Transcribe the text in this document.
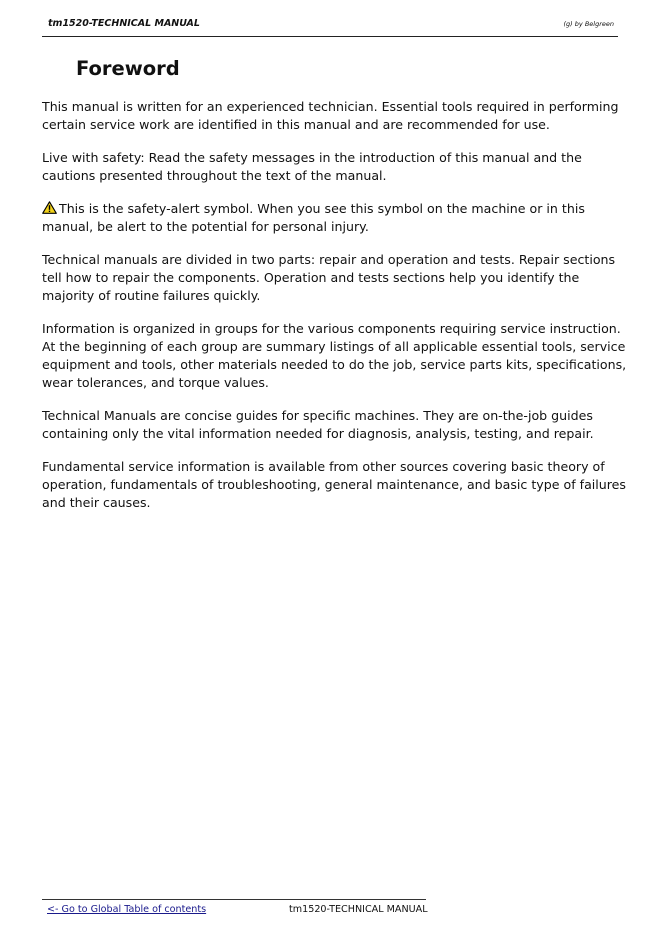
tm1520-TECHNICAL MANUAL	(g) by Belgreen
Foreword

This manual is written for an experienced technician. Essential tools required in performing certain service work are identified in this manual and are recommended for use.

Live with safety: Read the safety messages in the introduction of this manual and the cautions presented throughout the text of the manual.

This is the safety-alert symbol. When you see this symbol on the machine or in this manual, be alert to the potential for personal injury.

Technical manuals are divided in two parts: repair and operation and tests. Repair sections tell how to repair the components. Operation and tests sections help you identify the majority of routine failures quickly.

Information is organized in groups for the various components requiring service instruction. At the beginning of each group are summary listings of all applicable essential tools, service equipment and tools, other materials needed to do the job, service parts kits, specifications, wear tolerances, and torque values.

Technical Manuals are concise guides for specific machines. They are on-the-job guides containing only the vital information needed for diagnosis, analysis, testing, and repair.

Fundamental service information is available from other sources covering basic theory of operation, fundamentals of troubleshooting, general maintenance, and basic type of failures and their causes.

<- Go to Global Table of contents	tm1520-TECHNICAL MANUAL
